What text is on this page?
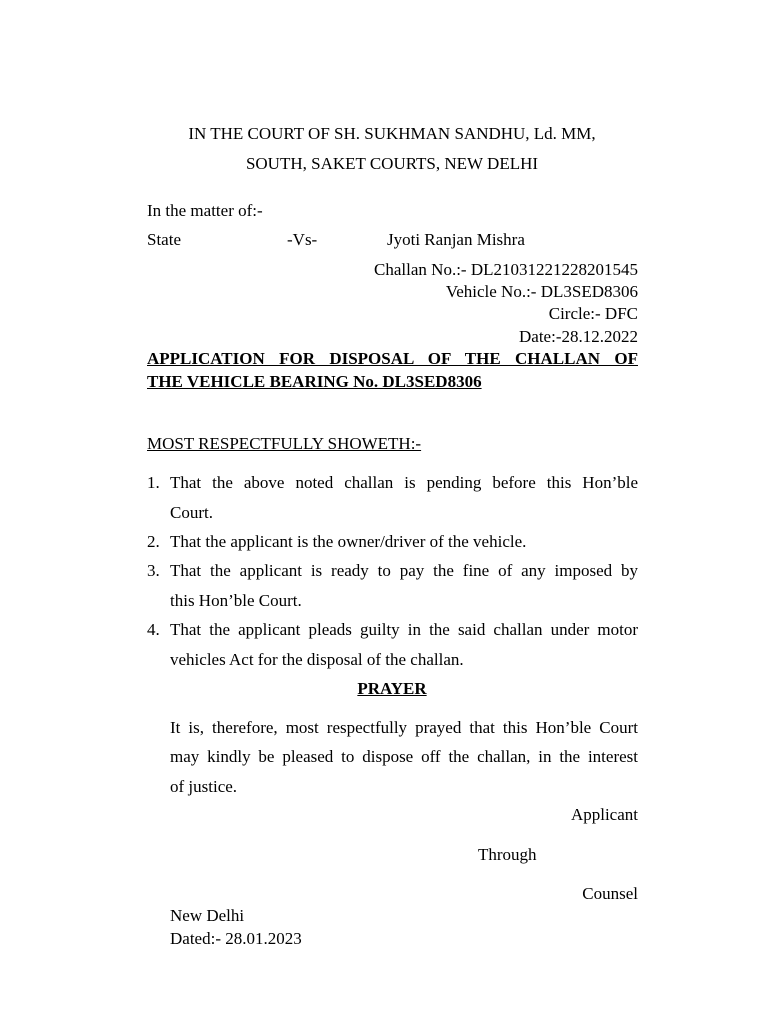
IN THE COURT OF SH. SUKHMAN SANDHU, Ld. MM,
SOUTH, SAKET COURTS, NEW DELHI
In the matter of:-
State	-Vs-	Jyoti Ranjan Mishra
Challan No.:- DL21031221228201545
Vehicle No.:- DL3SED8306
Circle:- DFC
Date:-28.12.2022
APPLICATION FOR DISPOSAL OF THE CHALLAN OF
THE VEHICLE BEARING No. DL3SED8306
MOST RESPECTFULLY SHOWETH:-
1. That the above noted challan is pending before this Hon’ble
Court.
2. That the applicant is the owner/driver of the vehicle.
3. That the applicant is ready to pay the fine of any imposed by
this Hon’ble Court.
4. That the applicant pleads guilty in the said challan under motor
vehicles Act for the disposal of the challan.
PRAYER
It is, therefore, most respectfully prayed that this Hon’ble Court
may kindly be pleased to dispose off the challan, in the interest
of justice.
Applicant
Through
Counsel
New Delhi
Dated:- 28.01.2023
